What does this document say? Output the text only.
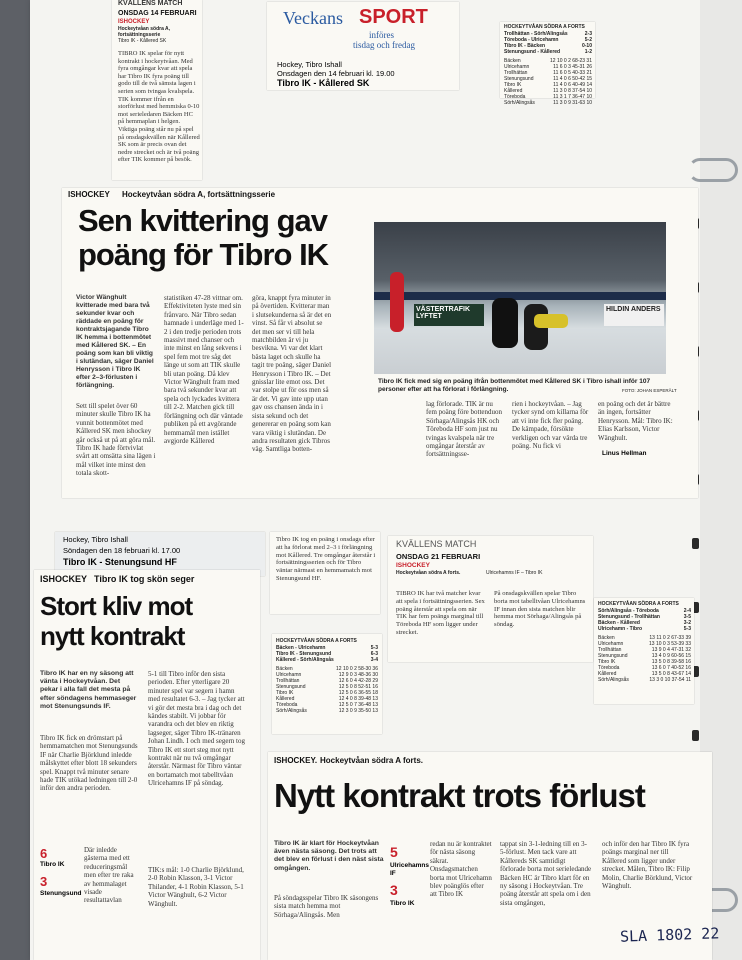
KVÄLLENS MATCH
ONSDAG 14 FEBRUARI
ISHOCKEY
Hockeytvåan södra A, fortsättningsserie
Tibro IK - Kållered SK
TIBRO IK spelar för nytt kontrakt i hockeytvåan. Med fyra omgångar kvar att spela har Tibro IK fyra poäng till godo till de två sämsta lagen i serien som tvingas kvalspela. TIK kommer ifrån en storförlust med hemmiska 0-10 mot serieledaren Bäcken HC på hemmaplan i helgen. Viktiga poäng står nu på spel på onsdagskvällen när Kållered SK som är precis ovan det nedre strecket och är två poäng efter TIK kommer på besök.
Veckans SPORT
införes
tisdag och fredag
Hockey, Tibro Ishall
Onsdagen den 14 februari kl. 19.00
Tibro IK - Kållered SK
HOCKEYTVÅAN SÖDRA A FORTS
Trollhättan - Sörh/Alingsås	2-3
Töreboda - Ulricehamn	5-2
Tibro IK - Bäcken	0-10
Stenungsund - Kållered	1-2
Bäcken	12 10 0 2 68-23 31
Ulricehamn	11 6 0 3 45-31 26
Trollhättan	11 6 0 5 40-33 21
Stenungsund	11 4 0 6 50-42 15
Tibro IK	11 4 0 6 40-49 14
Kållered	11 3 0 8 37-54 10
Töreboda	11 3 1 7 36-47 10
Sörh/Alingsås	11 3 0 9 31-63 10
ISHOCKEY Hockeytvåan södra A, fortsättningsserie
Sen kvittering gav
poäng för Tibro IK
Victor Wänghult kvitterade med bara två sekunder kvar och räddade en poäng för kontraktsjagande Tibro IK hemma i bottenmötet med Kållered SK. – En poäng som kan bli viktig i slutändan, säger Daniel Henrysson i Tibro IK efter 2–3-förlusten i förlängning.
Sett till spelet över 60 minuter skulle Tibro IK ha vunnit bottenmötet med Kållered SK men ishockey går också ut på att göra mål. Tibro IK hade förtvivlat svårt att omsätta sina lägen i mål vilket inte minst den totala skott-
statistiken 47-28 vittnar om. Effektiviteten lyste med sin frånvaro. När Tibro sedan hamnade i underläge med 1-2 i den tredje perioden trots massivt med chanser och inte minst en lång sekvens i spel fem mot tre såg det länge ut som att TIK skulle bli utan poäng. Då klev Victor Wänghult fram med bara två sekunder kvar att spela och lyckades kvittera till 2-2. Matchen gick till förlängning och där väntade publiken på ett avgörande hemmamål men istället avgjorde Kållered
göra, knappt fyra minuter in på övertiden. Kvitterar man i slutsekunderna så är det en vinst. Så får vi absolut se det men ser vi till hela matchbilden är vi ju besvikna. Vi var det klart bästa laget och skulle ha tagit tre poäng, säger Daniel Henrysson i Tibro IK. – Det gnisslar lite emot oss. Det var stolpe ut för oss men så är det. Vi gav inte upp utan gav oss chansen ända in i sista sekund och det genererar en poäng som kan vara viktig i slutändan. De andra resultaten gick Tibros väg. Samtliga botten-
VÄSTERTRAFIK LYFTET
HILDIN ANDERS
Tibro IK fick med sig en poäng ifrån bottenmötet med Kållered SK i Tibro ishall inför 107 personer efter att ha förlorat i förlängning.	FOTO: JOHAN ESPERÄLT
lag förlorade. TIK är nu fem poäng före bottenduon Sörhaga/Alingsås HK och Töreboda HF som just nu tvingas kvalspela när tre omgångar återstår av fortsättningsse-
rien i hockeytvåan. – Jag tycker synd om killarna för att vi inte fick fler poäng. De kämpade, försökte verkligen och var värda tre poäng. Nu fick vi
en poäng och det är bättre än ingen, fortsätter Henrysson. Mål: Tibro IK: Elias Karlsson, Victor Wänghult.
Linus Hellman
Hockey, Tibro Ishall
Söndagen den 18 februari kl. 17.00
Tibro IK - Stenungsund HF
Tibro IK tog en poäng i onsdags efter att ha förlorat med 2–3 i förlängning mot Kållered. Tre omgångar återstår i fortsättningsserien och för Tibro väntar närmast en hemmamatch mot Stenungsund HF.
KVÄLLENS MATCH
ONSDAG 21 FEBRUARI
ISHOCKEY
Hockeytvåan södra A forts.	Ulricehamns IF – Tibro IK
TIBRO IK har två matcher kvar att spela i fortsättningsserien. Sex poäng återstår att spela om när TIK har fem poängs marginal till Töreboda HF som ligger under strecket.
På onsdagskvällen spelar Tibro borta mot tabelltvåan Ulricehamns IF innan den sista matchen blir hemma mot Sörhaga/Alingsås på söndag.
HOCKEYTVÅAN SÖDRA A FORTS
Sörh/Alingsås - Töreboda	2-4
Stenungsund - Trollhättan	3-5
Bäcken - Kållered	3-2
Ulricehamn - Tibro	5-3
Bäcken	13 11 0 2 67-33 39
Ulricehamn	13 10 0 3 53-39 33
Trollhättan	13 9 0 4 47-31 32
Stenungsund	13 4 0 9 60-56 15
Tibro IK	13 5 0 8 39-58 16
Töreboda	13 6 0 7 40-52 16
Kållered	13 5 0 8 43-67 14
Sörh/Alingsås	13 3 0 10 37-54 11
HOCKEYTVÅAN SÖDRA A FORTS
Bäcken - Ulricehamn	5-3
Tibro IK - Stenungsund	6-3
Kållered - Sörh/Alingsås	3-4
Bäcken	12 10 0 2 58-30 36
Ulricehamn	12 9 0 3 48-36 30
Trollhättan	12 6 0 4 42-28 29
Stenungsund	12 5 0 8 52-51 16
Tibro IK	12 5 0 6 36-55 18
Kållered	12 4 0 8 39-48 13
Töreboda	12 5 0 7 36-48 13
Sörh/Alingsås	12 3 0 9 35-50 13
ISHOCKEY Tibro IK tog skön seger
Stort kliv mot
nytt kontrakt
Tibro IK har en ny säsong att vänta i Hockeytvåan. Det pekar i alla fall det mesta på efter söndagens hemmaseger mot Stenungsunds IF.
Tibro IK fick en drömstart på hemmamatchen mot Stenungsunds IF när Charlie Björklund inledde målskyttet efter blott 18 sekunders spel. Knappt två minuter senare hade TIK utökad ledningen till 2-0 inför den andra perioden.
6
Tibro IK
3
Stenungsund
Där inledde gästerna med ett reduceringsmål men efter tre raka av hemmalaget visade resultattavlan
5-1 till Tibro inför den sista perioden. Efter ytterligare 20 minuter spel var segern i hamn med resultatet 6-3. – Jag tycker att vi gör det mesta bra i dag och det kändes stabilt. Vi jobbar för varandra och det blev en riktig lagseger, säger Tibro IK-tränaren Johan Lindh. I och med segern tog Tibro IK ett stort steg mot nytt kontrakt när nu två omgångar återstår. Närmast för Tibro väntar en bortamatch mot tabelltvåan Ulricehamns IF på söndag.
TIK:s mål: 1-0 Charlie Björklund, 2-0 Robin Klasson, 3-1 Victor Thilander, 4-1 Robin Klasson, 5-1 Victor Wänghult, 6-2 Victor Wänghult.
ISHOCKEY. Hockeytvåan södra A forts.
Nytt kontrakt trots förlust
Tibro IK är klart för Hockeytvåan även nästa säsong. Det trots att det blev en förlust i den näst sista omgången.
På söndagsspelar Tibro IK säsongens sista match hemma mot Sörhaga/Alingsås. Men
5
Ulricehamns IF
3
Tibro IK
redan nu är kontraktet för nästa säsong säkrat. Onsdagsmatchen borta mot Ulricehamn blev poänglös efter att Tibro IK
tappat sin 3-1-ledning till en 3-5-förlust. Men tack vare att Kållereds SK samtidigt förlorade borta mot serieledande Bäcken HC är Tibro klart för en ny säsong i Hockeytvåan. Tre poäng återstår att spela om i den sista omgången,
och inför den har Tibro IK fyra poängs marginal ner till Kållered som ligger under strecket. Målen, Tibro IK: Filip Molin, Charlie Börklund, Victor Wänghult.
SLA 1802 22
